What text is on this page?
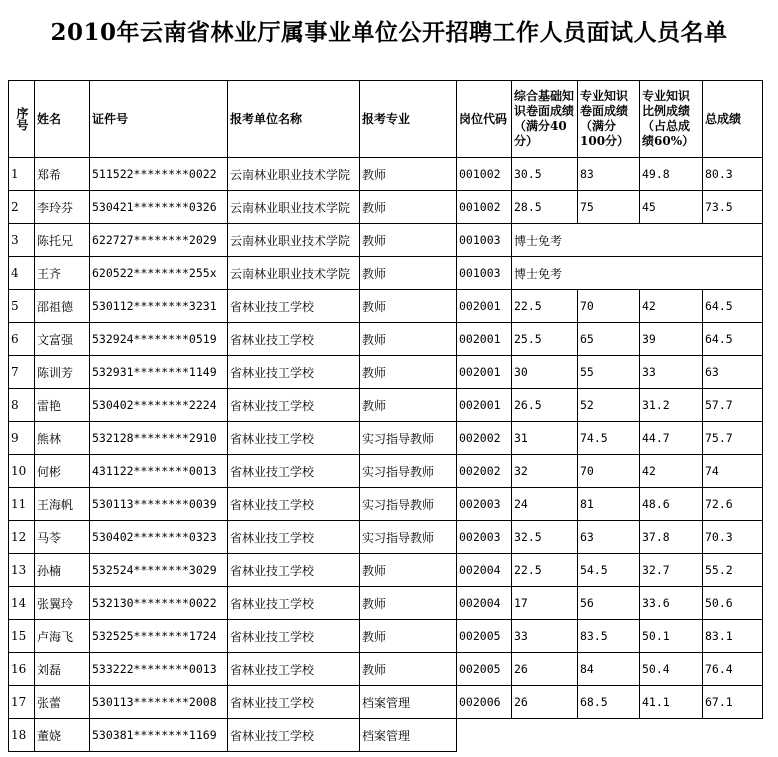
2010年云南省林业厅属事业单位公开招聘工作人员面试人员名单
序号	姓名	证件号	报考单位名称	报考专业	岗位代码	综合基础知识卷面成绩（满分40分）	专业知识卷面成绩（满分100分）	专业知识比例成绩（占总成绩60%）	总成绩
1	郑希	511522********0022	云南林业职业技术学院	教师	001002	30.5	83	49.8	80.3
2	李玲芬	530421********0326	云南林业职业技术学院	教师	001002	28.5	75	45	73.5
3	陈托兄	622727********2029	云南林业职业技术学院	教师	001003	博士免考			
4	王齐	620522********255x	云南林业职业技术学院	教师	001003	博士免考			
5	邵祖德	530112********3231	省林业技工学校	教师	002001	22.5	70	42	64.5
6	文富强	532924********0519	省林业技工学校	教师	002001	25.5	65	39	64.5
7	陈训芳	532931********1149	省林业技工学校	教师	002001	30	55	33	63
8	雷艳	530402********2224	省林业技工学校	教师	002001	26.5	52	31.2	57.7
9	熊林	532128********2910	省林业技工学校	实习指导教师	002002	31	74.5	44.7	75.7
10	何彬	431122********0013	省林业技工学校	实习指导教师	002002	32	70	42	74
11	王海帆	530113********0039	省林业技工学校	实习指导教师	002003	24	81	48.6	72.6
12	马苓	530402********0323	省林业技工学校	实习指导教师	002003	32.5	63	37.8	70.3
13	孙楠	532524********3029	省林业技工学校	教师	002004	22.5	54.5	32.7	55.2
14	张翼玲	532130********0022	省林业技工学校	教师	002004	17	56	33.6	50.6
15	卢海飞	532525********1724	省林业技工学校	教师	002005	33	83.5	50.1	83.1
16	刘磊	533222********0013	省林业技工学校	教师	002005	26	84	50.4	76.4
17	张蕾	530113********2008	省林业技工学校	档案管理	002006	26	68.5	41.1	67.1
18	董娆	530381********1169	省林业技工学校	档案管理					
